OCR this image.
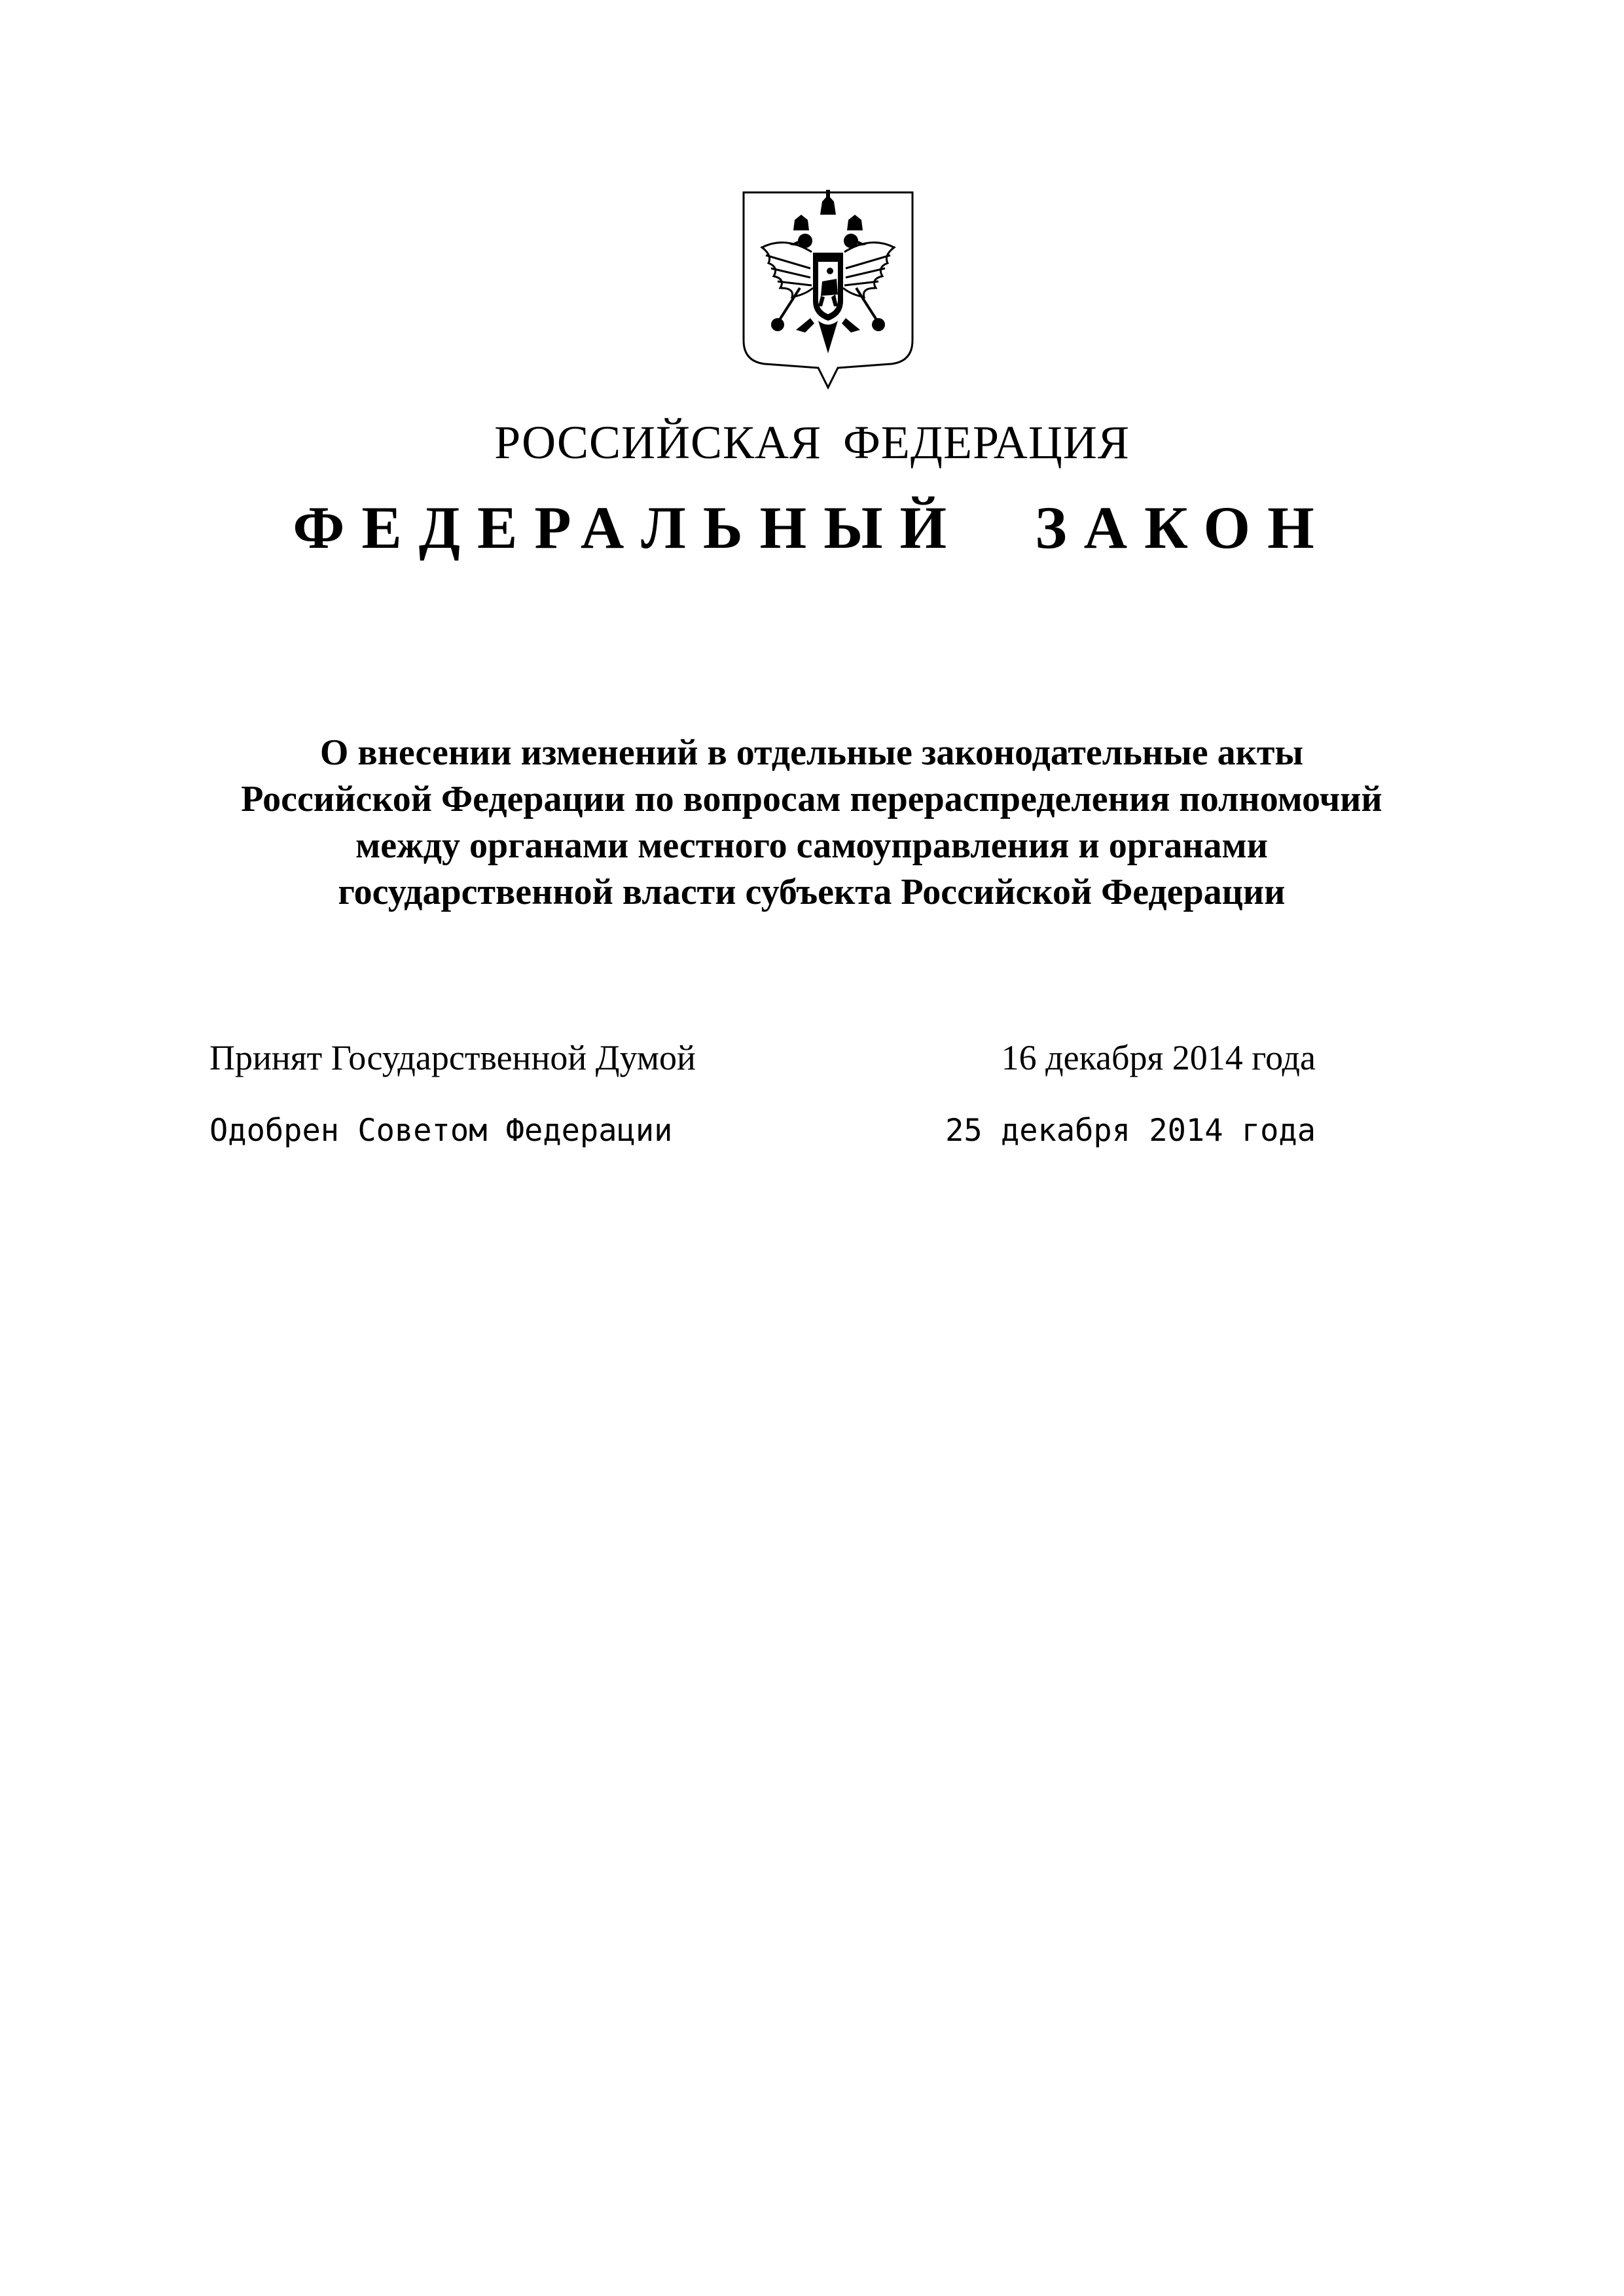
РОССИЙСКАЯ ФЕДЕРАЦИЯ
ФЕДЕРАЛЬНЫЙ ЗАКОН
О внесении изменений в отдельные законодательные акты
Российской Федерации по вопросам перераспределения полномочий
между органами местного самоуправления и органами
государственной власти субъекта Российской Федерации
Принят Государственной Думой	16 декабря 2014 года
Одобрен Советом Федерации	25 декабря 2014 года
